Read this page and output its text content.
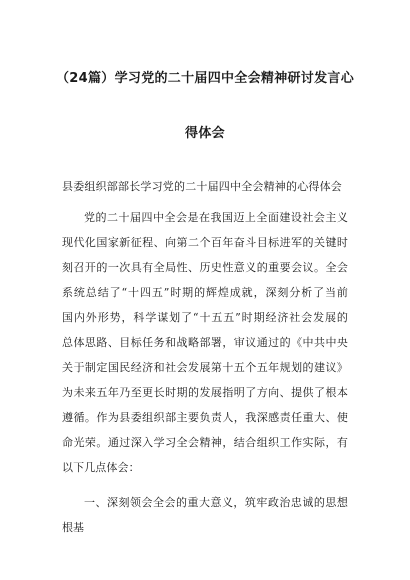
（24篇）学习党的二十届四中全会精神研讨发言心
得体会
县委组织部部长学习党的二十届四中全会精神的心得体会
党的二十届四中全会是在我国迈上全面建设社会主义
现代化国家新征程、向第二个百年奋斗目标进军的关键时
刻召开的一次具有全局性、历史性意义的重要会议。全会
系统总结了“十四五”时期的辉煌成就，深刻分析了当前
国内外形势，科学谋划了“十五五”时期经济社会发展的
总体思路、目标任务和战略部署，审议通过的《中共中央
关于制定国民经济和社会发展第十五个五年规划的建议》
为未来五年乃至更长时期的发展指明了方向、提供了根本
遵循。作为县委组织部主要负责人，我深感责任重大、使
命光荣。通过深入学习全会精神，结合组织工作实际，有
以下几点体会：
一、深刻领会全会的重大意义，筑牢政治忠诚的思想
根基
